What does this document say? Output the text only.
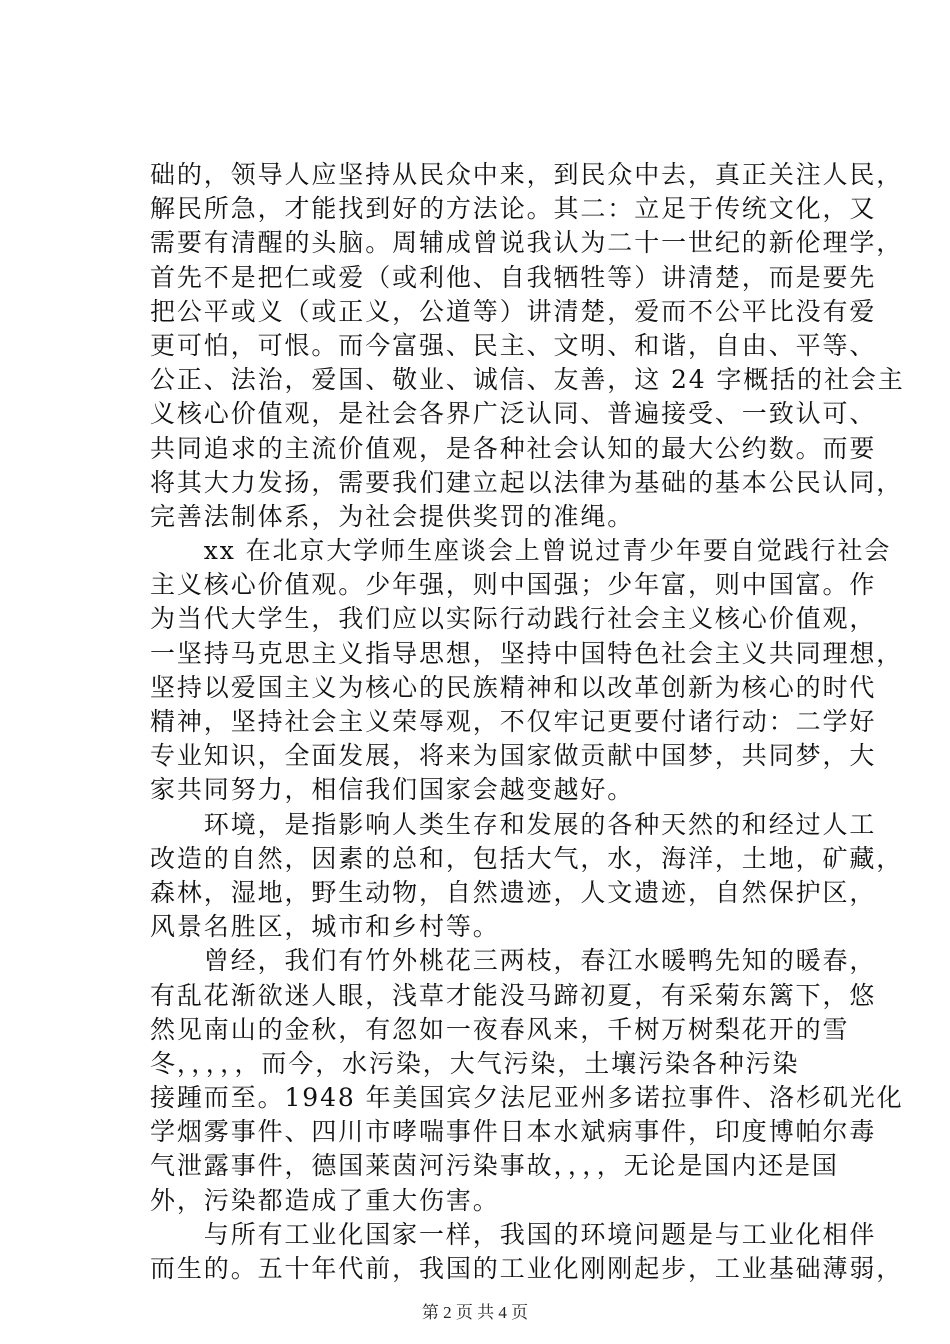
础的，领导人应坚持从民众中来，到民众中去，真正关注人民，
解民所急，才能找到好的方法论。其二：立足于传统文化，又
需要有清醒的头脑。周辅成曾说我认为二十一世纪的新伦理学，
首先不是把仁或爱（或利他、自我牺牲等）讲清楚，而是要先
把公平或义（或正义，公道等）讲清楚，爱而不公平比没有爱
更可怕，可恨。而今富强、民主、文明、和谐，自由、平等、
公正、法治，爱国、敬业、诚信、友善，这 24 字概括的社会主
义核心价值观，是社会各界广泛认同、普遍接受、一致认可、
共同追求的主流价值观，是各种社会认知的最大公约数。而要
将其大力发扬，需要我们建立起以法律为基础的基本公民认同，
完善法制体系，为社会提供奖罚的准绳。
　　xx 在北京大学师生座谈会上曾说过青少年要自觉践行社会
主义核心价值观。少年强，则中国强；少年富，则中国富。作
为当代大学生，我们应以实际行动践行社会主义核心价值观，
一坚持马克思主义指导思想，坚持中国特色社会主义共同理想，
坚持以爱国主义为核心的民族精神和以改革创新为核心的时代
精神，坚持社会主义荣辱观，不仅牢记更要付诸行动：二学好
专业知识，全面发展，将来为国家做贡献中国梦，共同梦，大
家共同努力，相信我们国家会越变越好。
　　环境，是指影响人类生存和发展的各种天然的和经过人工
改造的自然，因素的总和，包括大气，水，海洋，土地，矿藏，
森林，湿地，野生动物，自然遗迹，人文遗迹，自然保护区，
风景名胜区，城市和乡村等。
　　曾经，我们有竹外桃花三两枝，春江水暖鸭先知的暖春，
有乱花渐欲迷人眼，浅草才能没马蹄初夏，有采菊东篱下，悠
然见南山的金秋，有忽如一夜春风来，千树万树梨花开的雪
冬，，，，，而今，水污染，大气污染，土壤污染各种污染
接踵而至。1948 年美国宾夕法尼亚州多诺拉事件、洛杉矶光化
学烟雾事件、四川市哮喘事件日本水斌病事件，印度博帕尔毒
气泄露事件，德国莱茵河污染事故，，，，无论是国内还是国
外，污染都造成了重大伤害。
　　与所有工业化国家一样，我国的环境问题是与工业化相伴
而生的。五十年代前，我国的工业化刚刚起步，工业基础薄弱，
第 2 页 共 4 页
